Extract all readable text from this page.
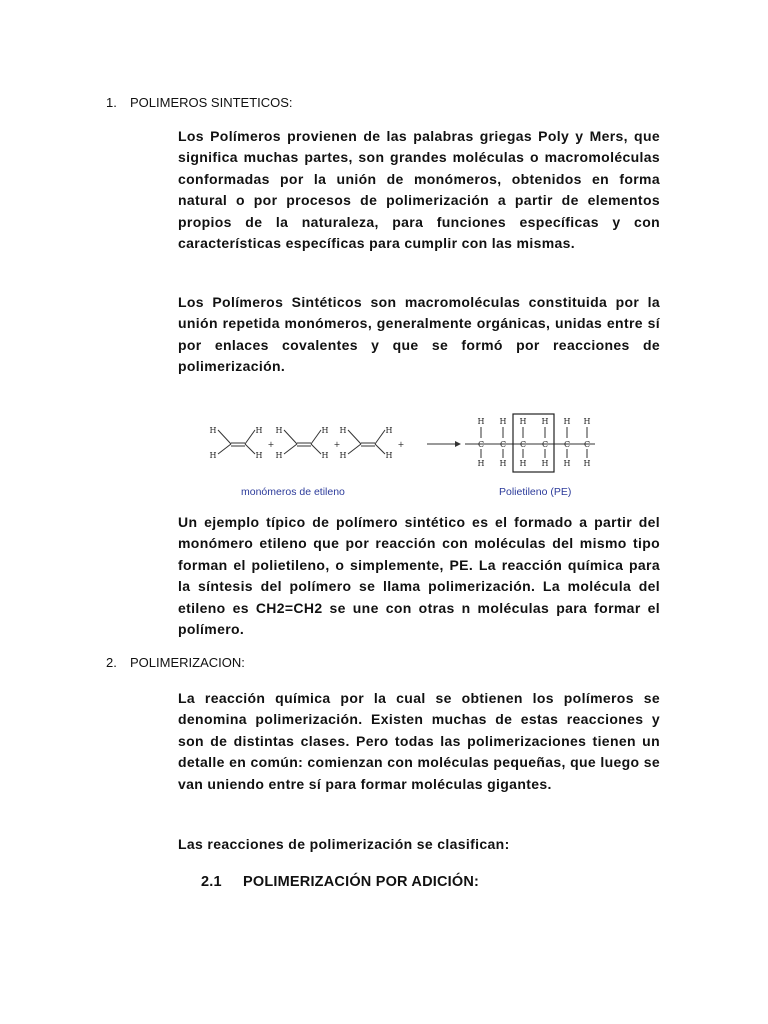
1. POLIMEROS SINTETICOS:

Los Polímeros provienen de las palabras griegas Poly y Mers, que significa muchas partes, son grandes moléculas o macromoléculas conformadas por la unión de monómeros, obtenidos en forma natural o por procesos de polimerización a partir de elementos propios de la naturaleza, para funciones específicas y con características específicas para cumplir con las mismas.

Los Polímeros Sintéticos son macromoléculas constituida por la unión repetida monómeros, generalmente orgánicas, unidas entre sí por enlaces covalentes y que se formó por reacciones de polimerización.

H	H
H	H
+
H	H
H	H
+
H	H
H	H
+
H
C
H
H
C
H
H
C
H
H
C
H
H
C
H
H
C
H
monómeros de etileno	Polietileno (PE)

Un ejemplo típico de polímero sintético es el formado a partir del monómero etileno que por reacción con moléculas del mismo tipo forman el polietileno, o simplemente, PE. La reacción química para la síntesis del polímero se llama polimerización. La molécula del etileno es CH2=CH2 se une con otras n moléculas para formar el polímero.

2. POLIMERIZACION:

La reacción química por la cual se obtienen los polímeros se denomina polimerización. Existen muchas de estas reacciones y son de distintas clases. Pero todas las polimerizaciones tienen un detalle en común: comienzan con moléculas pequeñas, que luego se van uniendo entre sí para formar moléculas gigantes.

Las reacciones de polimerización se clasifican:

2.1 POLIMERIZACIÓN POR ADICIÓN:
